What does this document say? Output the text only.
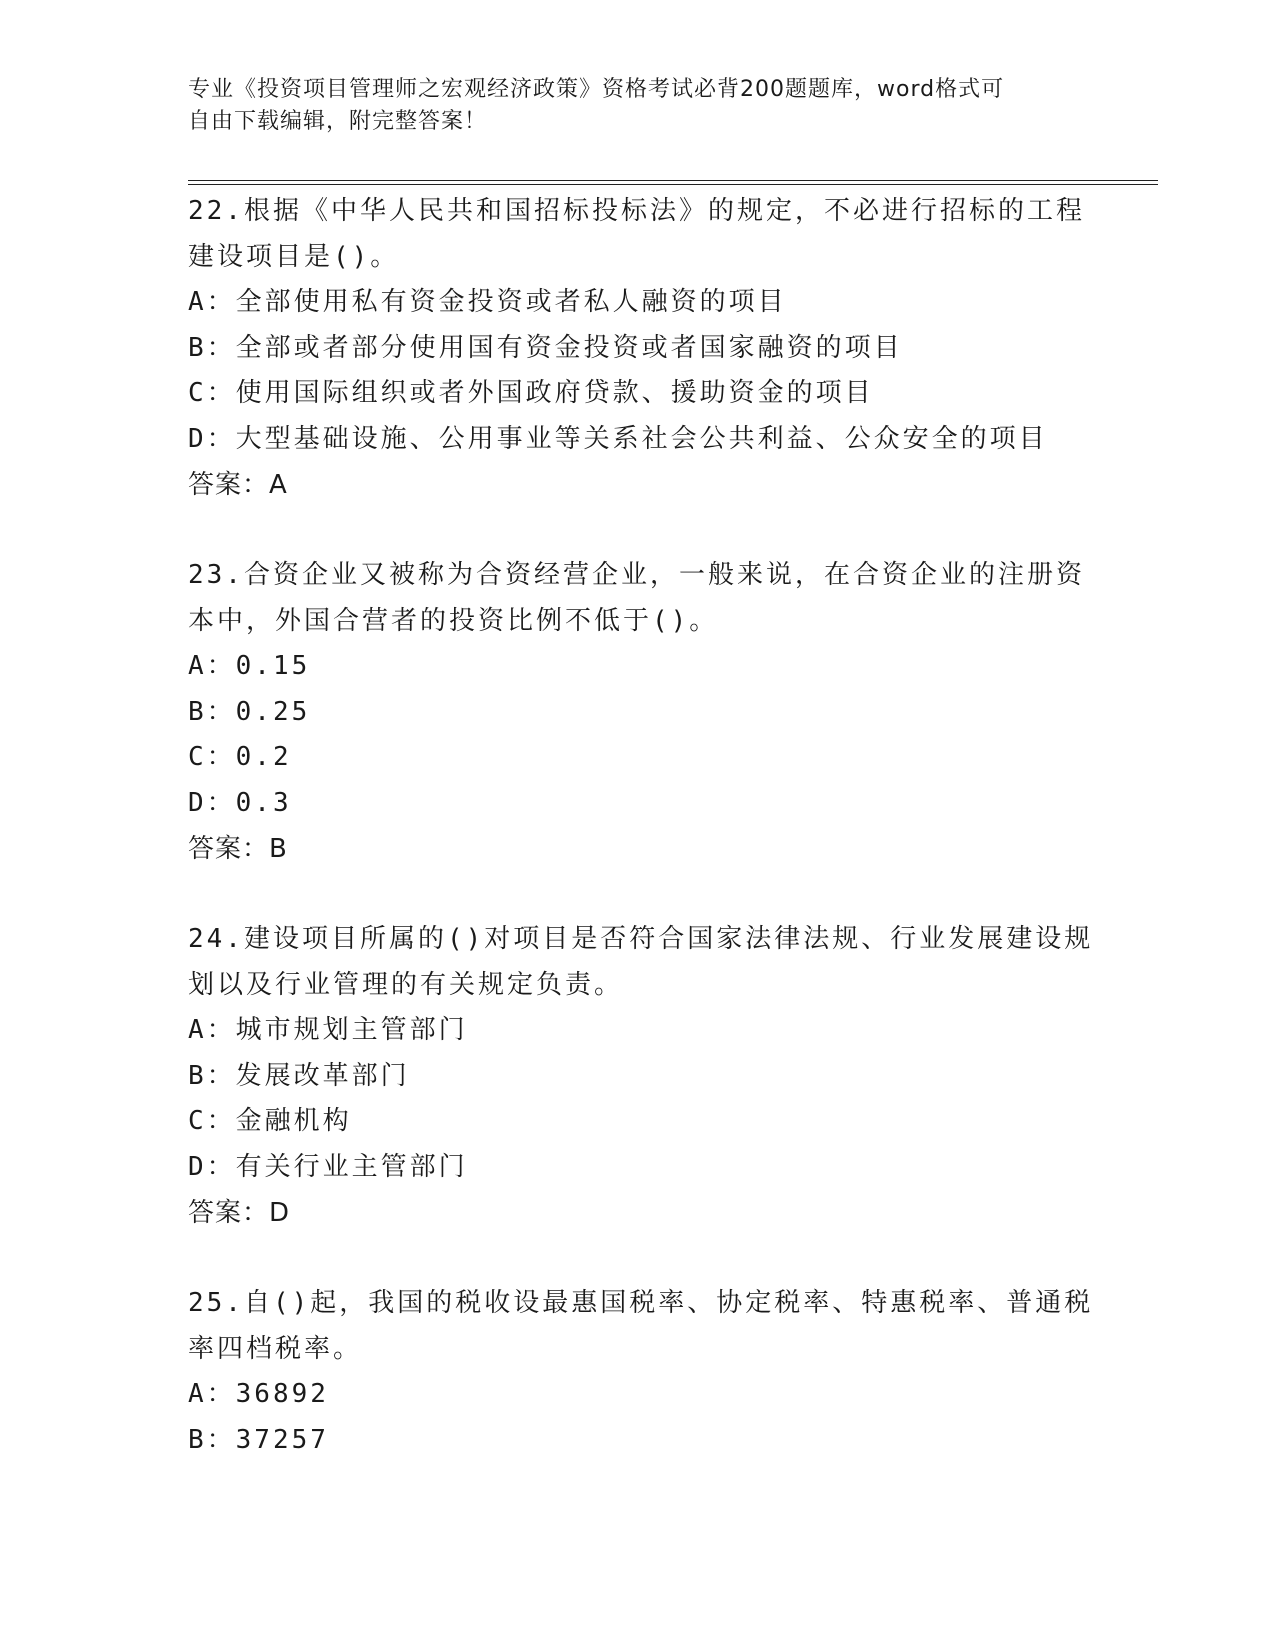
专业《投资项目管理师之宏观经济政策》资格考试必背200题题库，word格式可
自由下载编辑，附完整答案！
22.根据《中华人民共和国招标投标法》的规定，不必进行招标的工程
建设项目是()。
A：全部使用私有资金投资或者私人融资的项目
B：全部或者部分使用国有资金投资或者国家融资的项目
C：使用国际组织或者外国政府贷款、援助资金的项目
D：大型基础设施、公用事业等关系社会公共利益、公众安全的项目
答案：A
23.合资企业又被称为合资经营企业，一般来说，在合资企业的注册资
本中，外国合营者的投资比例不低于()。
A：0.15
B：0.25
C：0.2
D：0.3
答案：B
24.建设项目所属的()对项目是否符合国家法律法规、行业发展建设规
划以及行业管理的有关规定负责。
A：城市规划主管部门
B：发展改革部门
C：金融机构
D：有关行业主管部门
答案：D
25.自()起，我国的税收设最惠国税率、协定税率、特惠税率、普通税
率四档税率。
A：36892
B：37257
